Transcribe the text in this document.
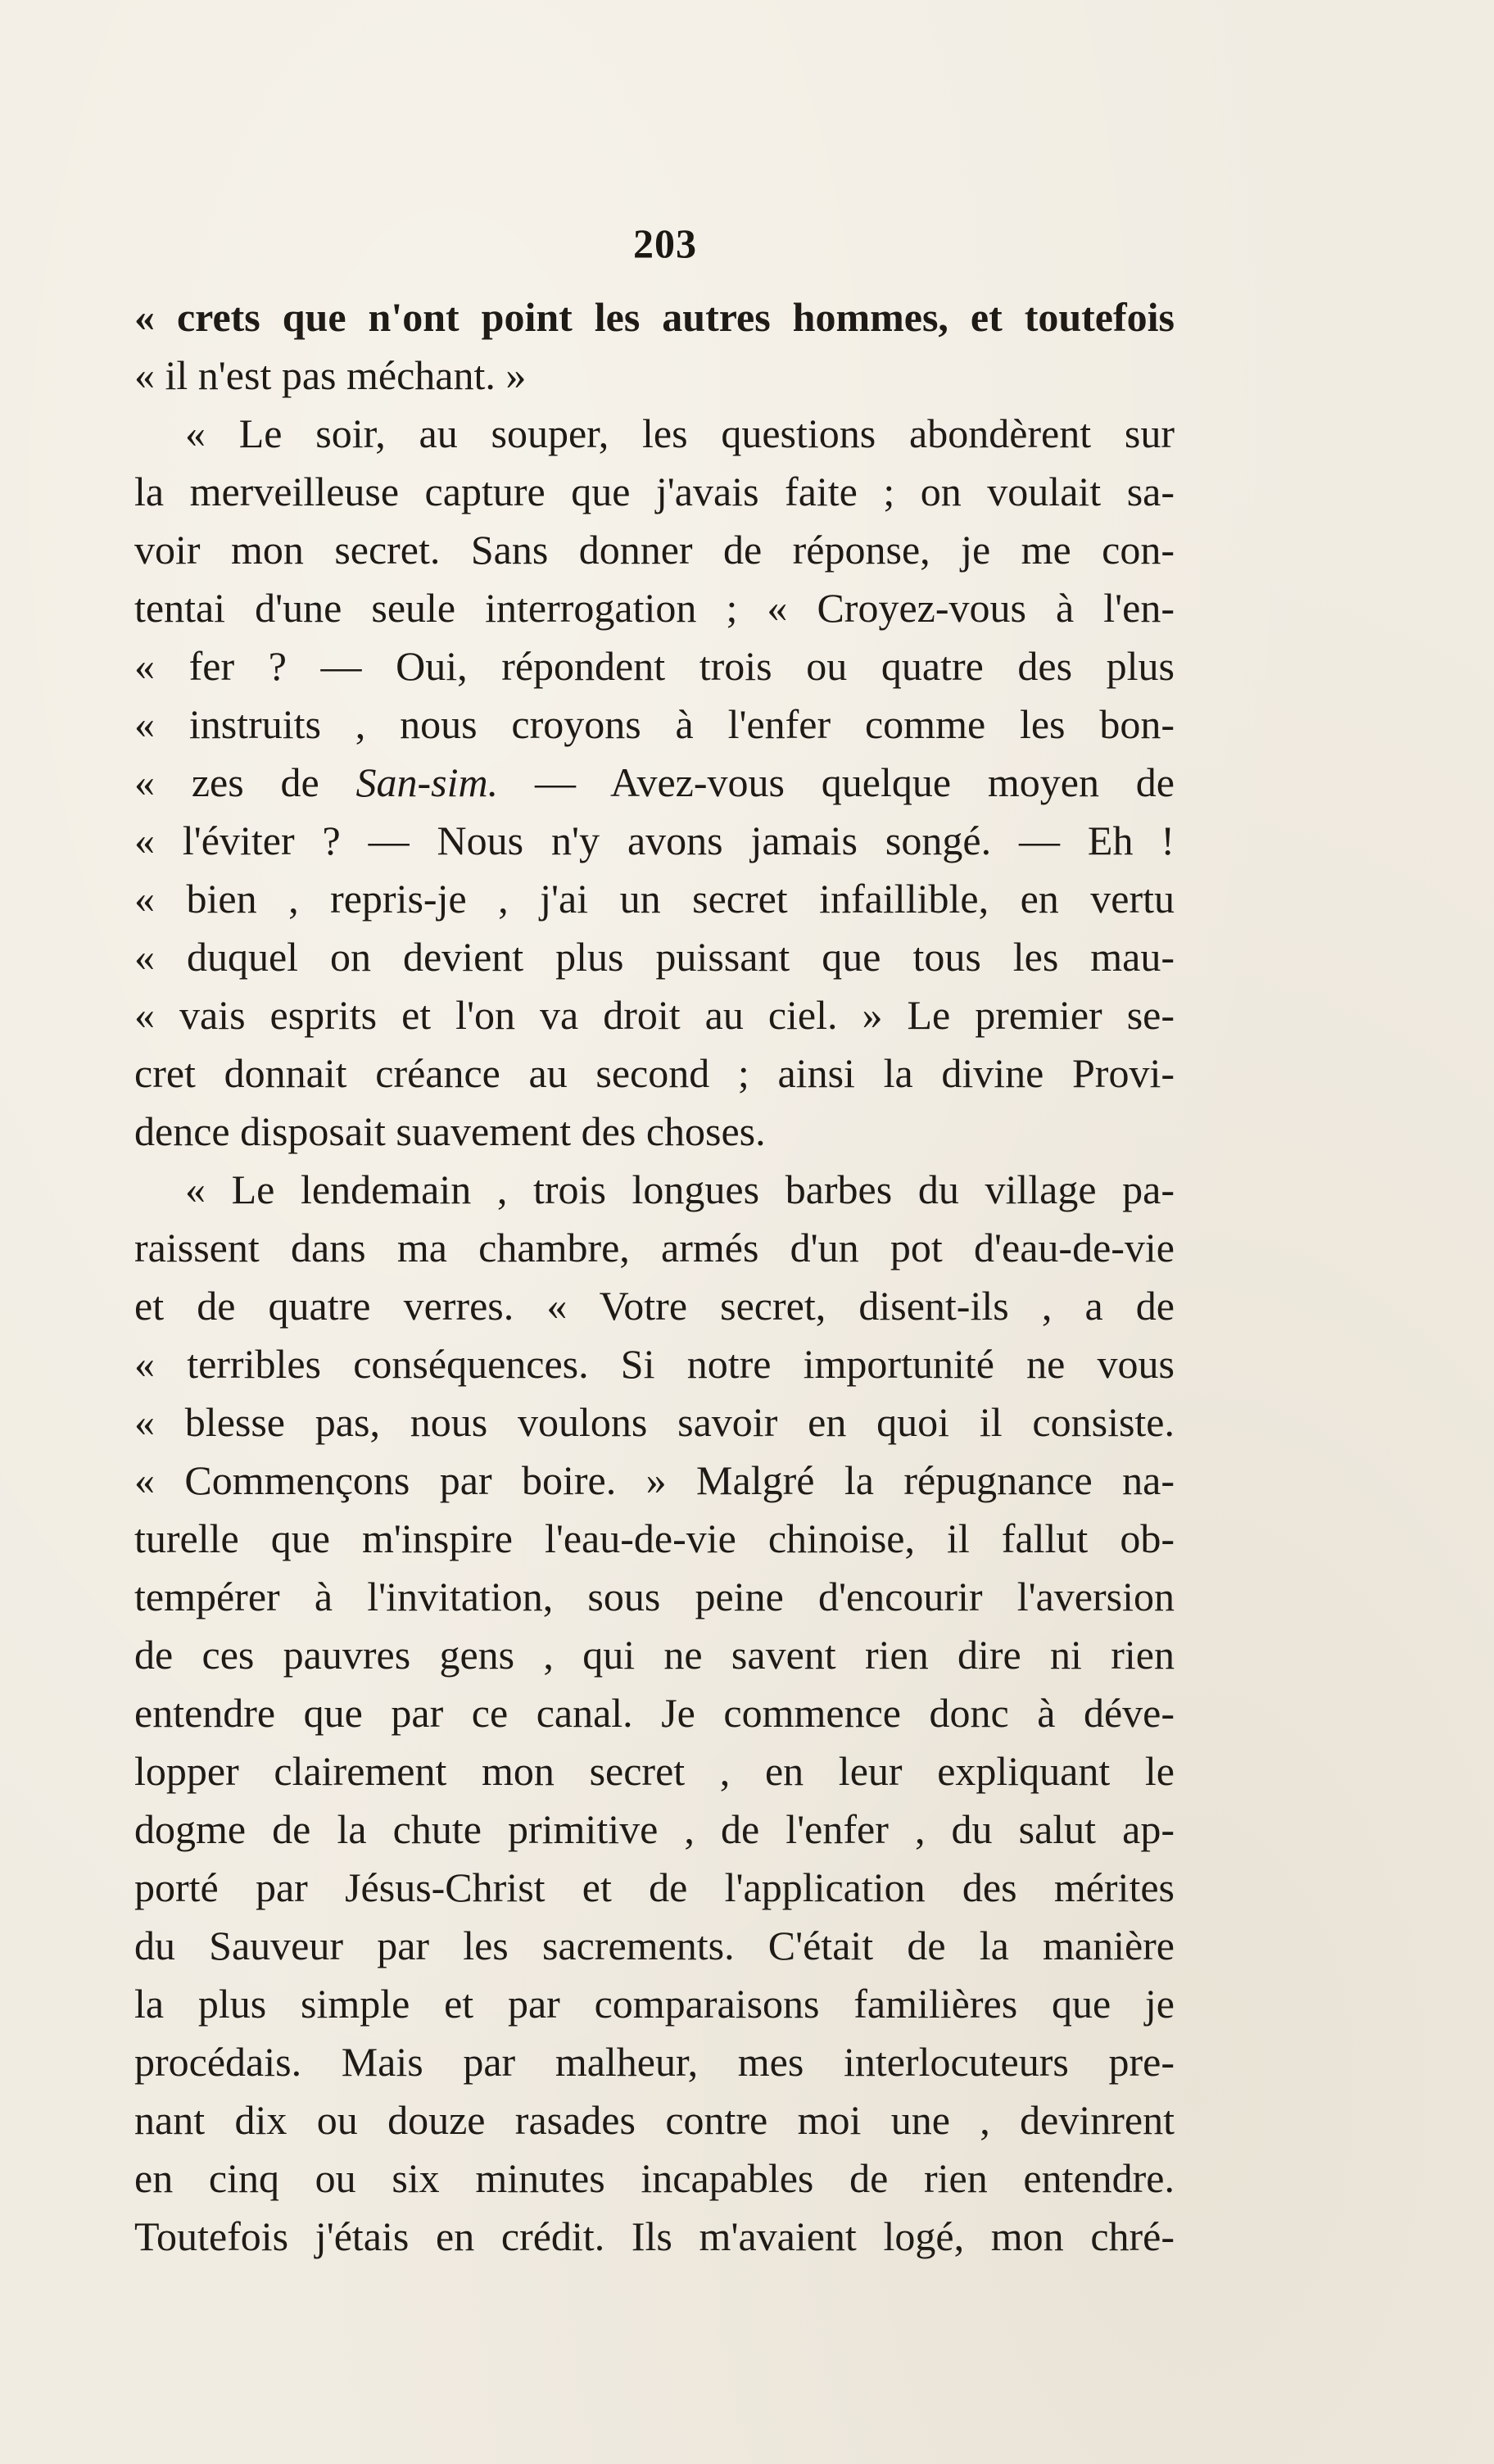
203
« crets que n'ont point les autres hommes, et toutefois
« il n'est pas méchant. »
« Le soir, au souper, les questions abondèrent sur
la merveilleuse capture que j'avais faite ; on voulait sa-
voir mon secret. Sans donner de réponse, je me con-
tentai d'une seule interrogation ; « Croyez-vous à l'en-
« fer ? — Oui, répondent trois ou quatre des plus
« instruits , nous croyons à l'enfer comme les bon-
« zes de San-sim. — Avez-vous quelque moyen de
« l'éviter ? — Nous n'y avons jamais songé. — Eh !
« bien , repris-je , j'ai un secret infaillible, en vertu
« duquel on devient plus puissant que tous les mau-
« vais esprits et l'on va droit au ciel. » Le premier se-
cret donnait créance au second ; ainsi la divine Provi-
dence disposait suavement des choses.
« Le lendemain , trois longues barbes du village pa-
raissent dans ma chambre, armés d'un pot d'eau-de-vie
et de quatre verres. « Votre secret, disent-ils , a de
« terribles conséquences. Si notre importunité ne vous
« blesse pas, nous voulons savoir en quoi il consiste.
« Commençons par boire. » Malgré la répugnance na-
turelle que m'inspire l'eau-de-vie chinoise, il fallut ob-
tempérer à l'invitation, sous peine d'encourir l'aversion
de ces pauvres gens , qui ne savent rien dire ni rien
entendre que par ce canal. Je commence donc à déve-
lopper clairement mon secret , en leur expliquant le
dogme de la chute primitive , de l'enfer , du salut ap-
porté par Jésus-Christ et de l'application des mérites
du Sauveur par les sacrements. C'était de la manière
la plus simple et par comparaisons familières que je
procédais. Mais par malheur, mes interlocuteurs pre-
nant dix ou douze rasades contre moi une , devinrent
en cinq ou six minutes incapables de rien entendre.
Toutefois j'étais en crédit. Ils m'avaient logé, mon chré-
